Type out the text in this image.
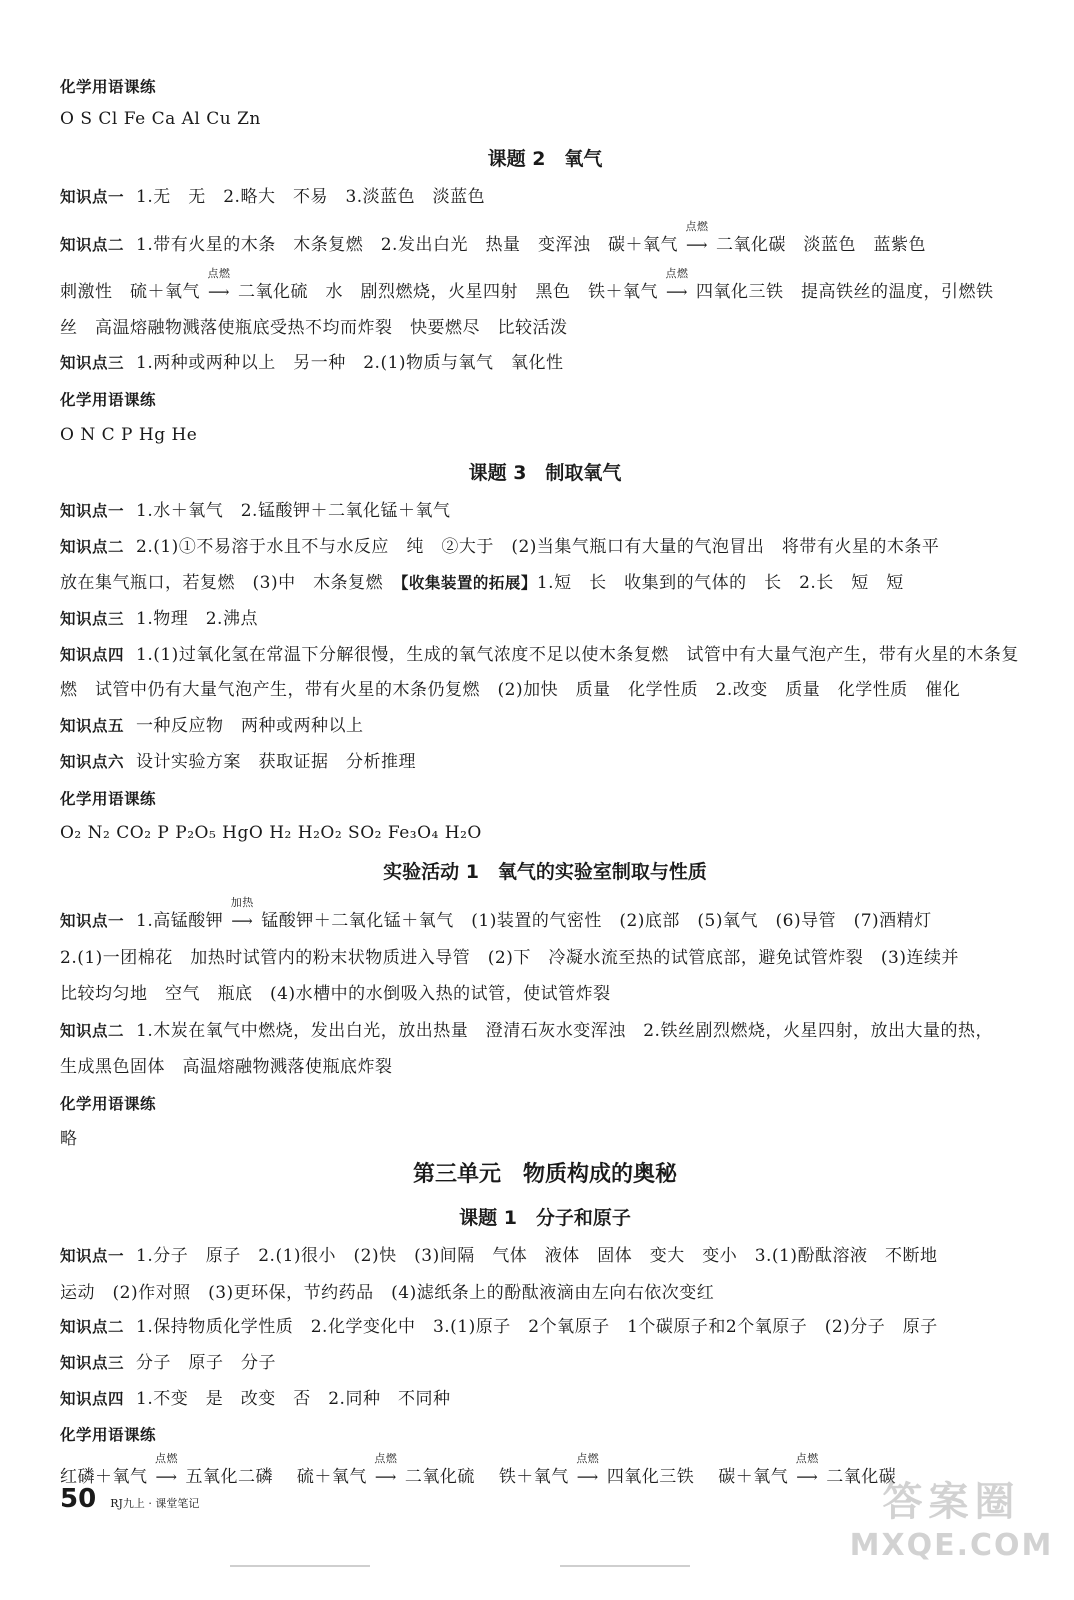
化学用语课练
O S Cl Fe Ca Al Cu Zn
课题 2　氧气
知识点一 1.无　无　2.略大　不易　3.淡蓝色　淡蓝色
知识点二 1.带有火星的木条　木条复燃　2.发出白光　热量　变浑浊　碳＋氧气
点燃
⟶ 二氧化碳　淡蓝色　蓝紫色
刺激性　硫＋氧气
点燃
⟶ 二氧化硫　水　剧烈燃烧，火星四射　黑色　铁＋氧气
点燃
⟶ 四氧化三铁　提高铁丝的温度，引燃铁
丝　高温熔融物溅落使瓶底受热不均而炸裂　快要燃尽　比较活泼
知识点三 1.两种或两种以上　另一种　2.(1)物质与氧气　氧化性
化学用语课练
O N C P Hg He
课题 3　制取氧气
知识点一 1.水＋氧气　2.锰酸钾＋二氧化锰＋氧气
知识点二 2.(1)①不易溶于水且不与水反应　纯　②大于　(2)当集气瓶口有大量的气泡冒出　将带有火星的木条平
放在集气瓶口，若复燃　(3)中　木条复燃　【收集装置的拓展】1.短　长　收集到的气体的　长　2.长　短　短
知识点三 1.物理　2.沸点
知识点四 1.(1)过氧化氢在常温下分解很慢，生成的氧气浓度不足以使木条复燃　试管中有大量气泡产生，带有火星的木条复
燃　试管中仍有大量气泡产生，带有火星的木条仍复燃　(2)加快　质量　化学性质　2.改变　质量　化学性质　催化
知识点五 一种反应物　两种或两种以上
知识点六 设计实验方案　获取证据　分析推理
化学用语课练
O₂ N₂ CO₂ P P₂O₅ HgO H₂ H₂O₂ SO₂ Fe₃O₄ H₂O
实验活动 1　氧气的实验室制取与性质
知识点一 1.高锰酸钾
加热
⟶ 锰酸钾＋二氧化锰＋氧气　(1)装置的气密性　(2)底部　(5)氧气　(6)导管　(7)酒精灯
2.(1)一团棉花　加热时试管内的粉末状物质进入导管　(2)下　冷凝水流至热的试管底部，避免试管炸裂　(3)连续并
比较均匀地　空气　瓶底　(4)水槽中的水倒吸入热的试管，使试管炸裂
知识点二 1.木炭在氧气中燃烧，发出白光，放出热量　澄清石灰水变浑浊　2.铁丝剧烈燃烧，火星四射，放出大量的热，
生成黑色固体　高温熔融物溅落使瓶底炸裂
化学用语课练
略
第三单元　物质构成的奥秘
课题 1　分子和原子
知识点一 1.分子　原子　2.(1)很小　(2)快　(3)间隔　气体　液体　固体　变大　变小　3.(1)酚酞溶液　不断地
运动　(2)作对照　(3)更环保，节约药品　(4)滤纸条上的酚酞液滴由左向右依次变红
知识点二 1.保持物质化学性质　2.化学变化中　3.(1)原子　2个氧原子　1个碳原子和2个氧原子　(2)分子　原子
知识点三 分子　原子　分子
知识点四 1.不变　是　改变　否　2.同种　不同种
化学用语课练
红磷＋氧气
点燃
⟶ 五氧化二磷 硫＋氧气
点燃
⟶ 二氧化硫 铁＋氧气
点燃
⟶ 四氧化三铁 碳＋氧气
点燃
⟶ 二氧化碳
50 RJ九上 · 课堂笔记	答案圈
MXQE.COM
